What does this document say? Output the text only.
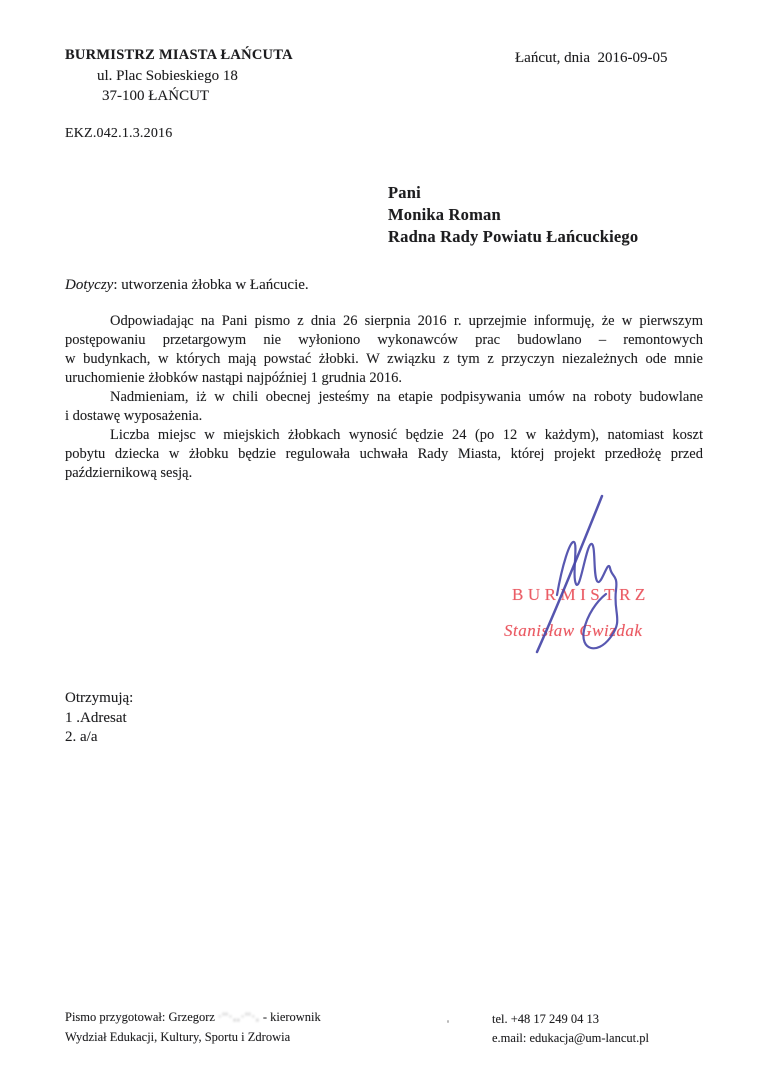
BURMISTRZ MIASTA ŁAŃCUTA
ul. Plac Sobieskiego 18
37-100 ŁAŃCUT
Łańcut, dnia  2016-09-05
EKZ.042.1.3.2016
Pani
Monika Roman
Radna Rady Powiatu Łańcuckiego
Dotyczy: utworzenia żłobka w Łańcucie.
Odpowiadając na Pani pismo z dnia 26 sierpnia 2016 r. uprzejmie informuję, że w pierwszym
postępowaniu przetargowym nie wyłoniono wykonawców prac budowlano – remontowych
w budynkach, w których mają powstać żłobki. W związku z tym z przyczyn niezależnych ode mnie
uruchomienie żłobków nastąpi najpóźniej 1 grudnia 2016.
Nadmieniam, iż w chili obecnej jesteśmy na etapie podpisywania umów na roboty budowlane
i dostawę wyposażenia.
Liczba miejsc w miejskich żłobkach wynosić będzie 24 (po 12 w każdym), natomiast koszt
pobytu dziecka w żłobku będzie regulowała uchwała Rady Miasta, której projekt przedłożę przed
październikową sesją.
BURMISTRZ
Stanisław Gwizdak
Otrzymują:
1 .Adresat
2. a/a
Pismo przygotował: Grzegorz ·''·,,·''·, - kierownik
Wydział Edukacji, Kultury, Sportu i Zdrowia
tel. +48 17 249 04 13
e.mail: edukacja@um-lancut.pl
